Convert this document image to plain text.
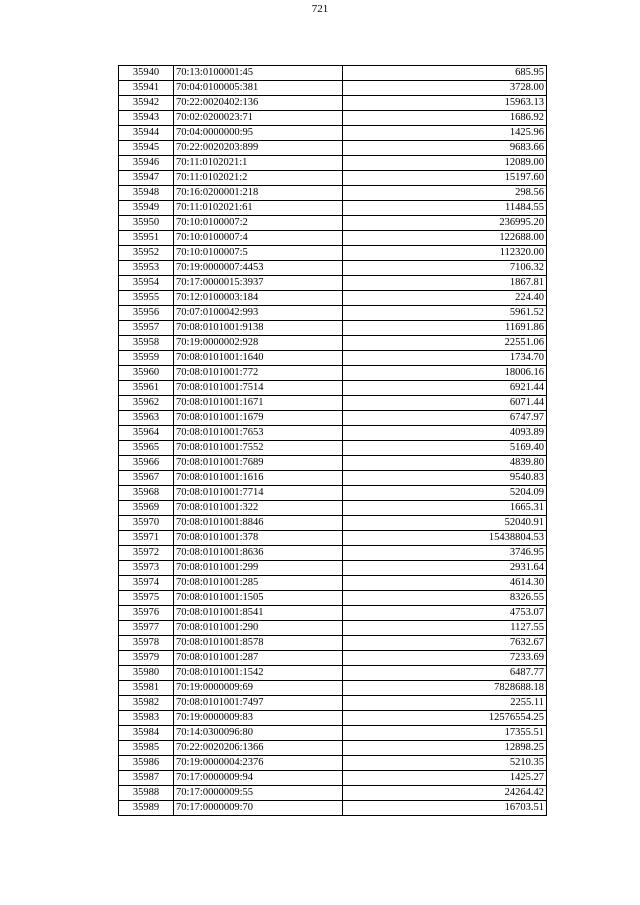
721
35940	70:13:0100001:45	685.95
35941	70:04:0100005:381	3728.00
35942	70:22:0020402:136	15963.13
35943	70:02:0200023:71	1686.92
35944	70:04:0000000:95	1425.96
35945	70:22:0020203:899	9683.66
35946	70:11:0102021:1	12089.00
35947	70:11:0102021:2	15197.60
35948	70:16:0200001:218	298.56
35949	70:11:0102021:61	11484.55
35950	70:10:0100007:2	236995.20
35951	70:10:0100007:4	122688.00
35952	70:10:0100007:5	112320.00
35953	70:19:0000007:4453	7106.32
35954	70:17:0000015:3937	1867.81
35955	70:12:0100003:184	224.40
35956	70:07:0100042:993	5961.52
35957	70:08:0101001:9138	11691.86
35958	70:19:0000002:928	22551.06
35959	70:08:0101001:1640	1734.70
35960	70:08:0101001:772	18006.16
35961	70:08:0101001:7514	6921.44
35962	70:08:0101001:1671	6071.44
35963	70:08:0101001:1679	6747.97
35964	70:08:0101001:7653	4093.89
35965	70:08:0101001:7552	5169.40
35966	70:08:0101001:7689	4839.80
35967	70:08:0101001:1616	9540.83
35968	70:08:0101001:7714	5204.09
35969	70:08:0101001:322	1665.31
35970	70:08:0101001:8846	52040.91
35971	70:08:0101001:378	15438804.53
35972	70:08:0101001:8636	3746.95
35973	70:08:0101001:299	2931.64
35974	70:08:0101001:285	4614.30
35975	70:08:0101001:1505	8326.55
35976	70:08:0101001:8541	4753.07
35977	70:08:0101001:290	1127.55
35978	70:08:0101001:8578	7632.67
35979	70:08:0101001:287	7233.69
35980	70:08:0101001:1542	6487.77
35981	70:19:0000009:69	7828688.18
35982	70:08:0101001:7497	2255.11
35983	70:19:0000009:83	12576554.25
35984	70:14:0300096:80	17355.51
35985	70:22:0020206:1366	12898.25
35986	70:19:0000004:2376	5210.35
35987	70:17:0000009:94	1425.27
35988	70:17:0000009:55	24264.42
35989	70:17:0000009:70	16703.51
